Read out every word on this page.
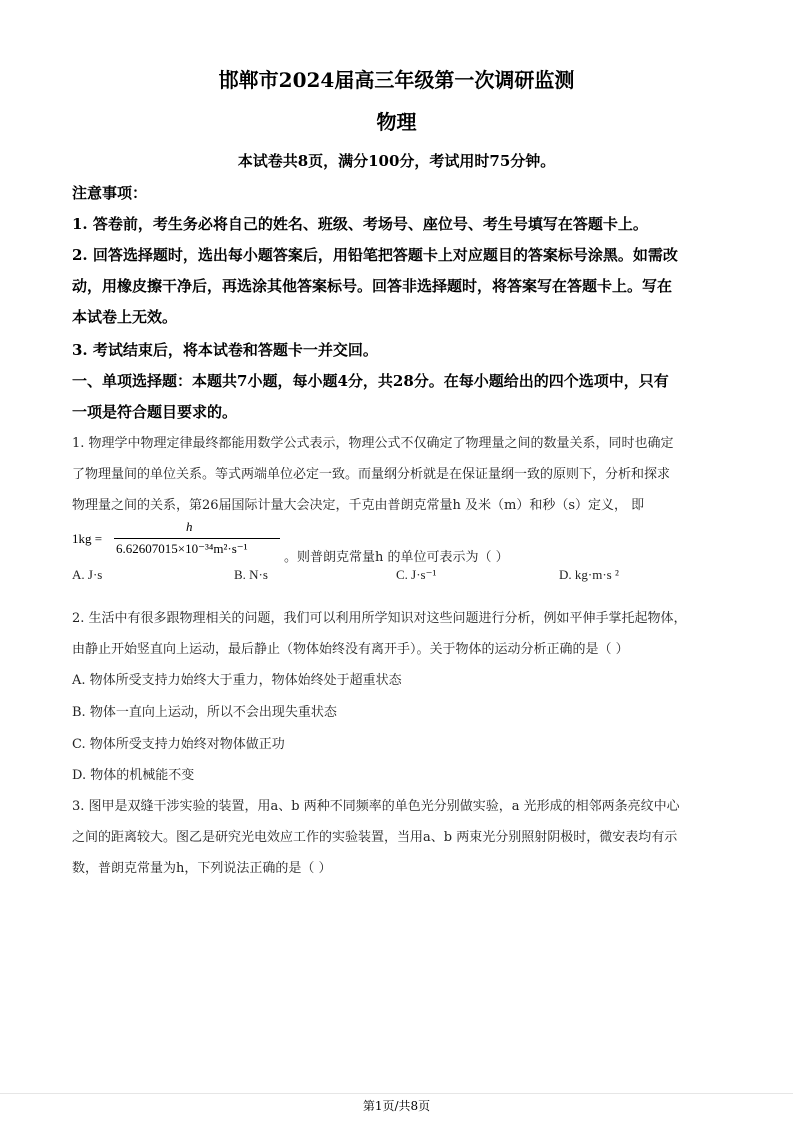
邯郸市2024届高三年级第一次调研监测
物理
本试卷共8页，满分100分，考试用时75分钟。
注意事项：
1. 答卷前，考生务必将自己的姓名、班级、考场号、座位号、考生号填写在答题卡上。
2. 回答选择题时，选出每小题答案后，用铅笔把答题卡上对应题目的答案标号涂黑。如需改
动，用橡皮擦干净后，再选涂其他答案标号。回答非选择题时，将答案写在答题卡上。写在
本试卷上无效。
3. 考试结束后，将本试卷和答题卡一并交回。
一、单项选择题：本题共7小题，每小题4分，共28分。在每小题给出的四个选项中，只有
一项是符合题目要求的。
1. 物理学中物理定律最终都能用数学公式表示，物理公式不仅确定了物理量之间的数量关系，同时也确定
了物理量间的单位关系。等式两端单位必定一致。而量纲分析就是在保证量纲一致的原则下，分析和探求
物理量之间的关系，第26届国际计量大会决定，千克由普朗克常量h 及米（m）和秒（s）定义， 即
1kg =
h
6.62607015×10⁻³⁴m²·s⁻¹
。则普朗克常量h 的单位可表示为（ ）
A. J·s	B. N·s	C. J·s⁻¹	D. kg·m·s ²
2. 生活中有很多跟物理相关的问题，我们可以利用所学知识对这些问题进行分析，例如平伸手掌托起物体，
由静止开始竖直向上运动，最后静止（物体始终没有离开手）。关于物体的运动分析正确的是（ ）
A. 物体所受支持力始终大于重力，物体始终处于超重状态
B. 物体一直向上运动，所以不会出现失重状态
C. 物体所受支持力始终对物体做正功
D. 物体的机械能不变
3. 图甲是双缝干涉实验的装置，用a、b 两种不同频率的单色光分别做实验，a 光形成的相邻两条亮纹中心
之间的距离较大。图乙是研究光电效应工作的实验装置，当用a、b 两束光分别照射阴极时，微安表均有示
数，普朗克常量为h，下列说法正确的是（ ）
第1页/共8页
